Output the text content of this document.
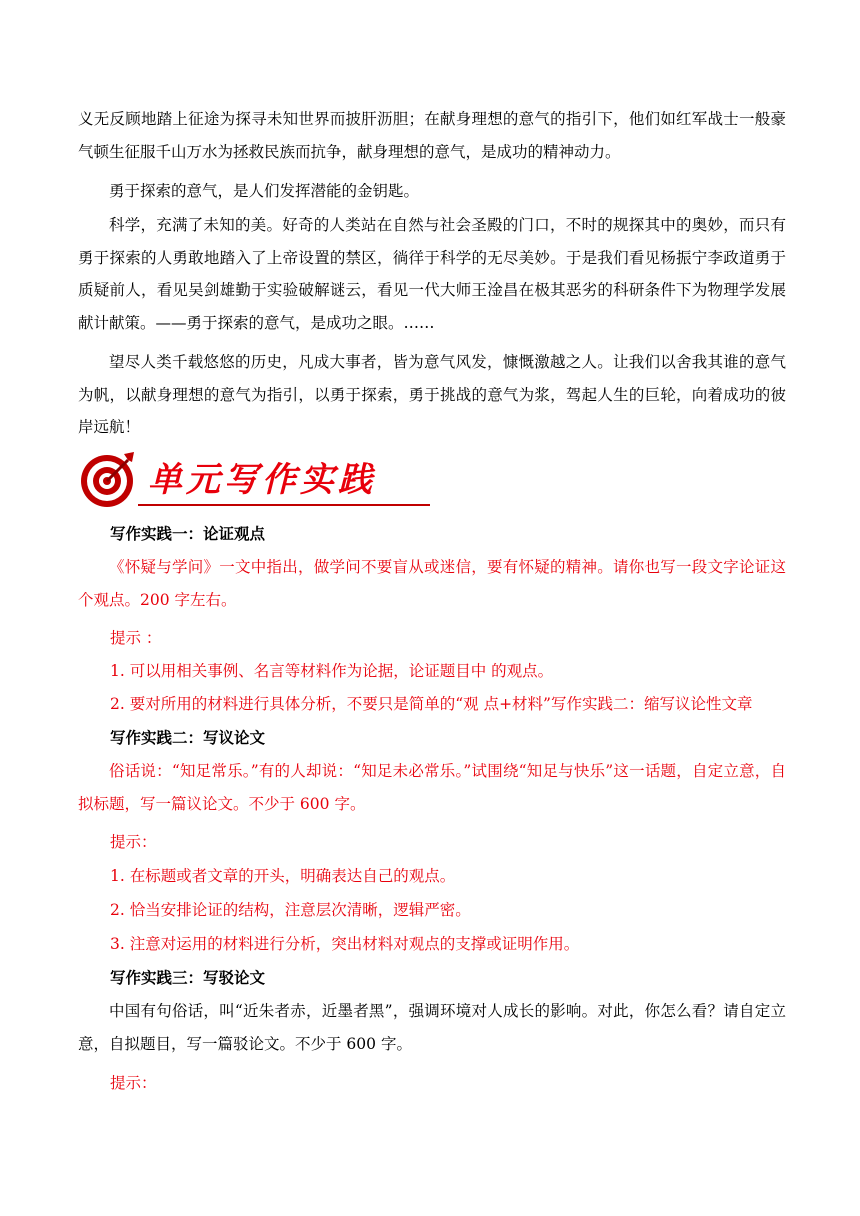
义无反顾地踏上征途为探寻未知世界而披肝沥胆；在献身理想的意气的指引下，他们如红军战士一般豪气顿生征服千山万水为拯救民族而抗争，献身理想的意气，是成功的精神动力。

勇于探索的意气，是人们发挥潜能的金钥匙。

科学，充满了未知的美。好奇的人类站在自然与社会圣殿的门口，不时的规探其中的奥妙，而只有勇于探索的人勇敢地踏入了上帝设置的禁区，徜徉于科学的无尽美妙。于是我们看见杨振宁李政道勇于质疑前人，看见吴剑雄勤于实验破解谜云，看见一代大师王淦昌在极其恶劣的科研条件下为物理学发展献计献策。——勇于探索的意气，是成功之眼。……

望尽人类千载悠悠的历史，凡成大事者，皆为意气风发，慷慨激越之人。让我们以舍我其谁的意气为帆，以献身理想的意气为指引，以勇于探索，勇于挑战的意气为浆，驾起人生的巨轮，向着成功的彼岸远航！

单元写作实践

写作实践一：论证观点

《怀疑与学问》一文中指出，做学问不要盲从或迷信，要有怀疑的精神。请你也写一段文字论证这个观点。200 字左右。

提示 ：

1. 可以用相关事例、名言等材料作为论据，论证题目中 的观点。

2. 要对所用的材料进行具体分析，不要只是简单的“观 点+材料”写作实践二：缩写议论性文章

写作实践二：写议论文

俗话说：“知足常乐。”有的人却说：“知足未必常乐。”试围绕“知足与快乐”这一话题，自定立意，自拟标题，写一篇议论文。不少于 600 字。

提示：

1. 在标题或者文章的开头，明确表达自己的观点。

2. 恰当安排论证的结构，注意层次清晰，逻辑严密。

3. 注意对运用的材料进行分析，突出材料对观点的支撑或证明作用。

写作实践三：写驳论文

中国有句俗话，叫“近朱者赤，近墨者黑”，强调环境对人成长的影响。对此，你怎么看？请自定立意，自拟题目，写一篇驳论文。不少于 600 字。

提示：
